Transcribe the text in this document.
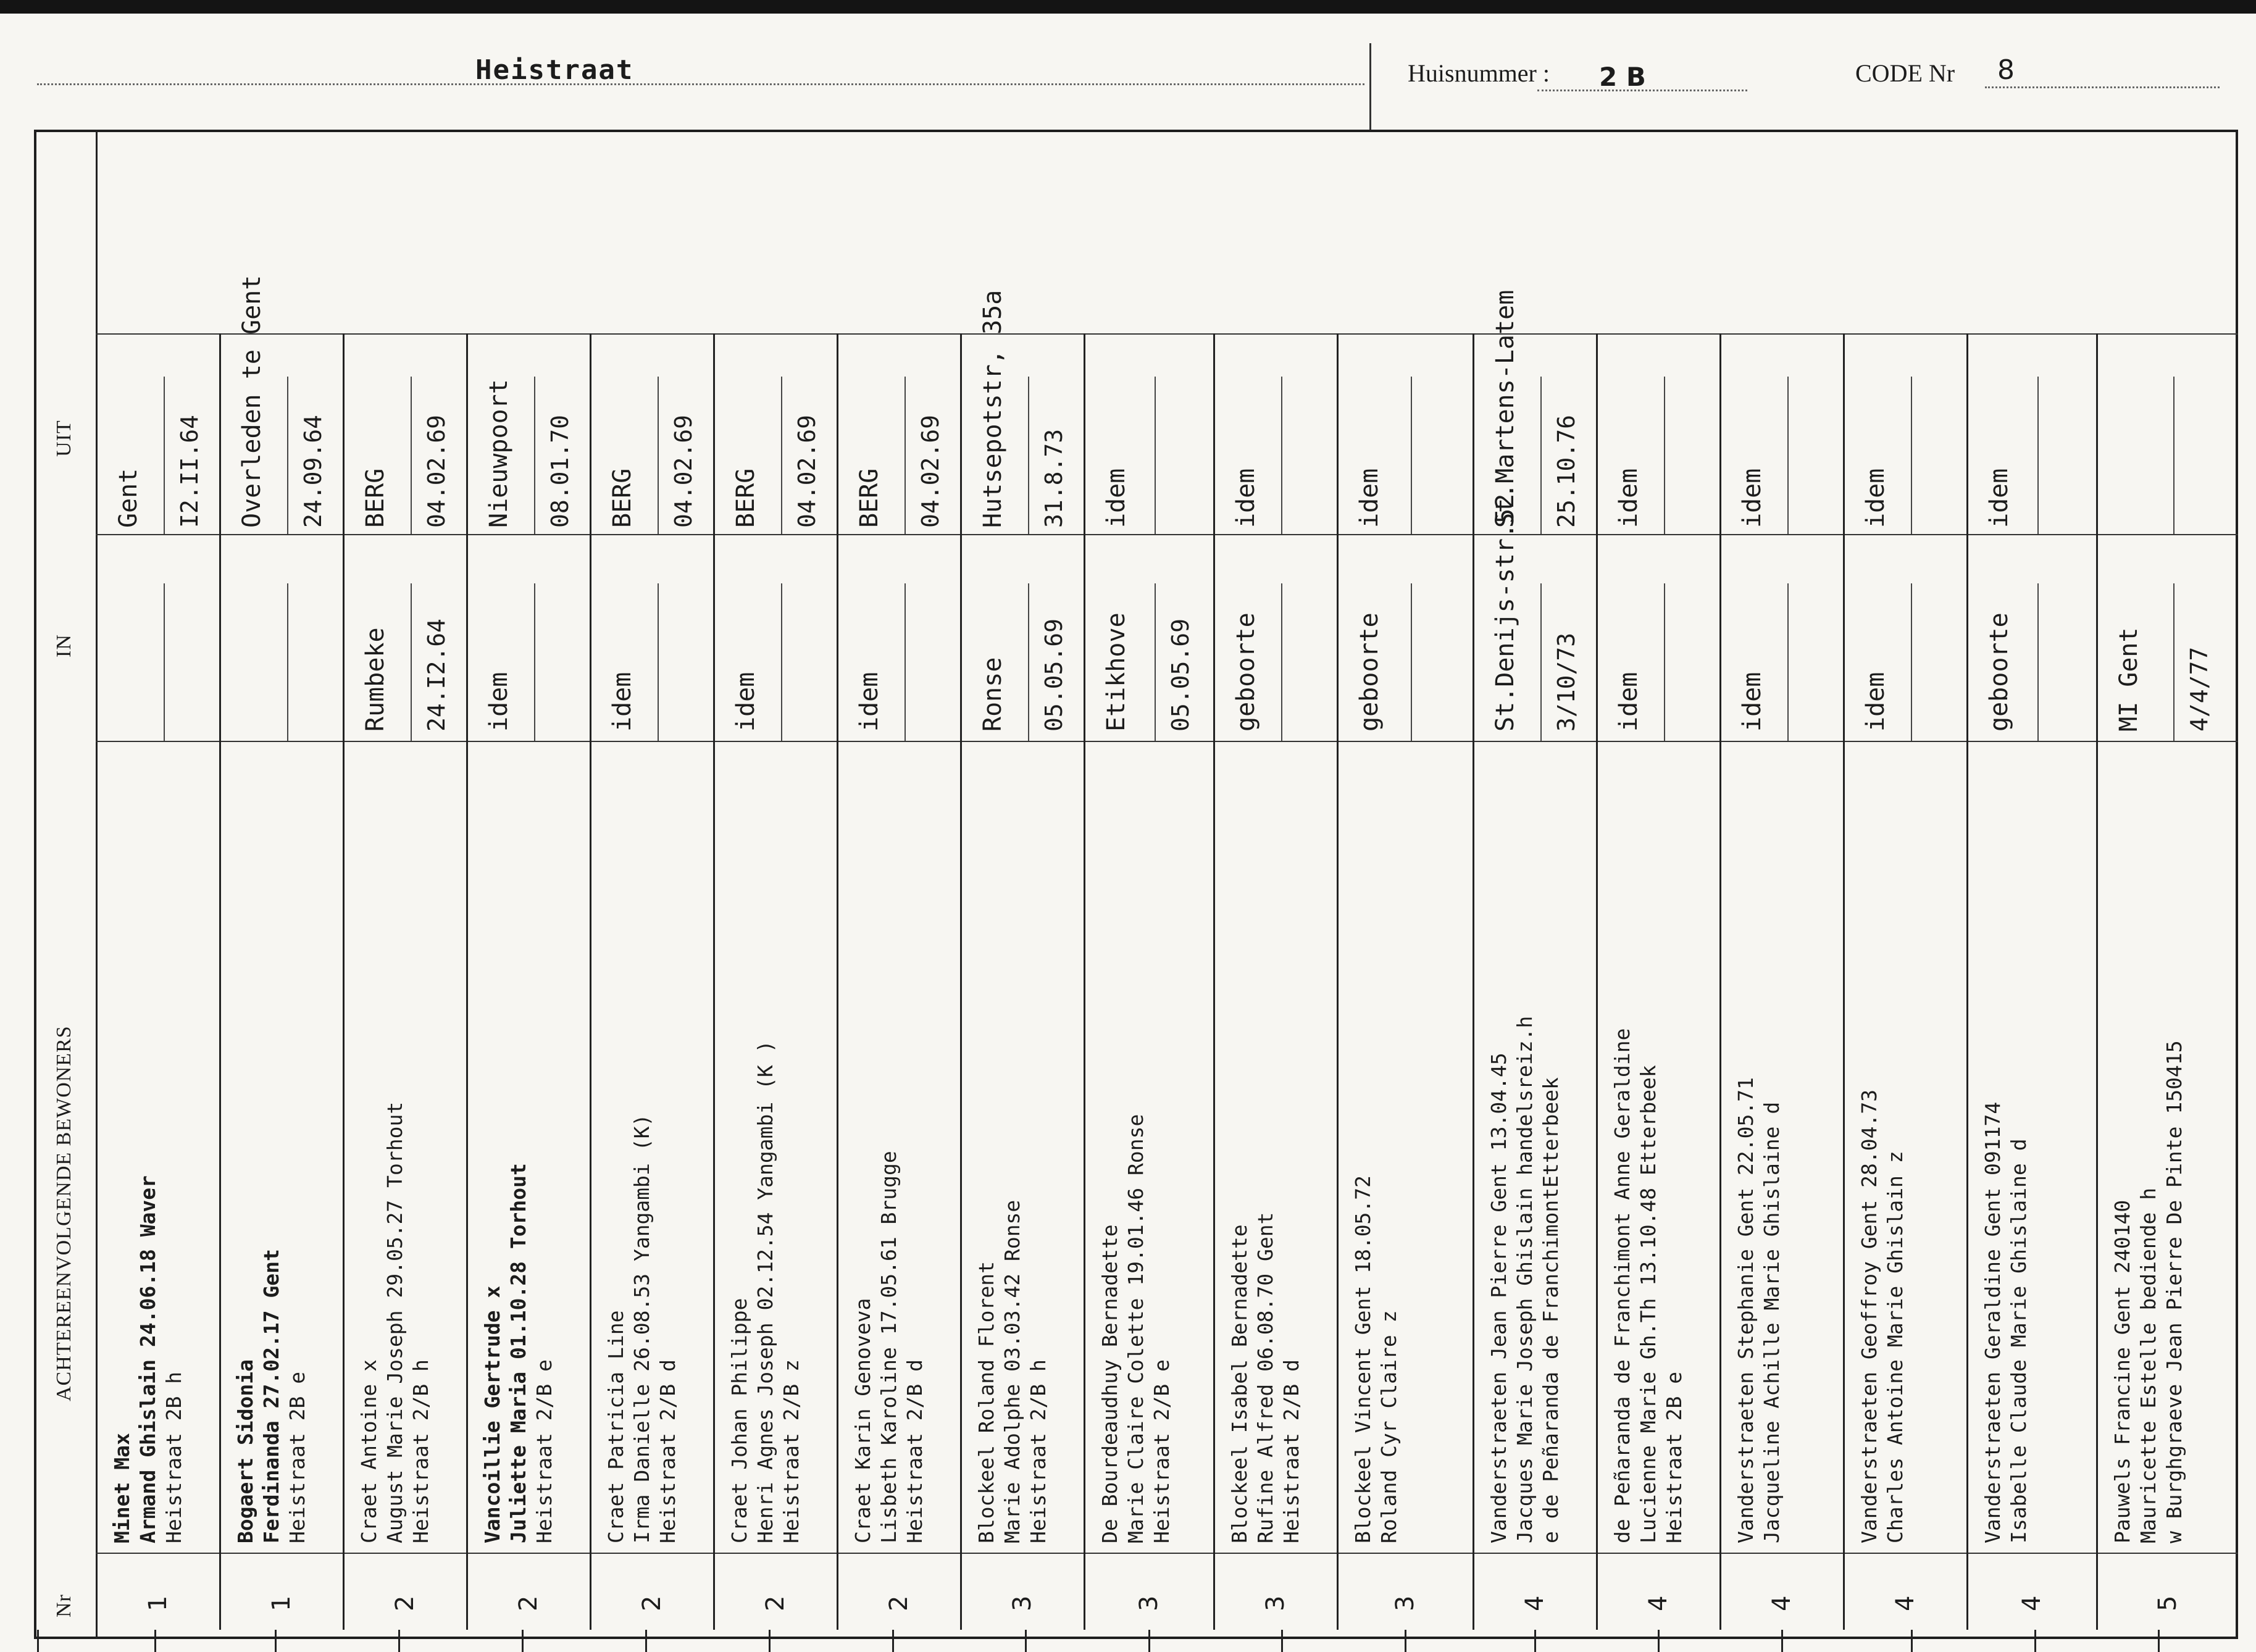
Heistraat	Huisnummer : 2 B	CODE Nr 8
1
Minet Max Armand Ghislain 24.06.18 Waver Heistraat 2B h
Gent I2.II.64
1
Bogaert Sidonia Ferdinanda 27.02.17 Gent Heistraat 2B e
Overleden te Gent 24.09.64
2
Craet Antoine x August Marie Joseph 29.05.27 Torhout Heistraat 2/B h
Rumbeke 24.I2.64
BERG 04.02.69
2
Vancoillie Gertrude x Juliette Maria 01.10.28 Torhout Heistraat 2/B e
idem
Nieuwpoort 08.01.70
2
Craet Patricia Line Irma Danielle 26.08.53 Yangambi (K) Heistraat 2/B d
idem
BERG 04.02.69
2
Craet Johan Philippe Henri Agnes Joseph 02.12.54 Yangambi (K ) Heistraat 2/B z
idem
BERG 04.02.69
2
Craet Karin Genoveva Lisbeth Karoline 17.05.61 Brugge Heistraat 2/B d
idem
BERG 04.02.69
3
Blockeel Roland Florent Marie Adolphe 03.03.42 Ronse Heistraat 2/B h
Ronse 05.05.69
Hutsepotstr, 35a 31.8.73
3
De Bourdeaudhuy Bernadette Marie Claire Colette 19.01.46 Ronse Heistraat 2/B e
Etikhove 05.05.69
idem
3
Blockeel Isabel Bernadette Rufine Alfred 06.08.70 Gent Heistraat 2/B d
geboorte
idem
3
Blockeel Vincent Gent 18.05.72 Roland Cyr Claire z
geboorte
idem
4
Vanderstraeten Jean Pierre Gent 13.04.45 Jacques Marie Joseph Ghislain handelsreiz.h e de Peñaranda de FranchimontEtterbeek
St.Denijs-str.52 3/10/73
St.Martens-Latem 25.10.76
4
de Peñaranda de Franchimont Anne Geraldine Lucienne Marie Gh.Th 13.10.48 Etterbeek Heistraat 2B e
idem
idem
4
Vanderstraeten Stephanie Gent 22.05.71 Jacqueline Achille Marie Ghislaine d
idem
idem
4
Vanderstraeten Geoffroy Gent 28.04.73 Charles Antoine Marie Ghislain z
idem
idem
4
Vanderstraeten Geraldine Gent 091174 Isabelle Claude Marie Ghislaine d
geboorte
idem
5
Pauwels Francine Gent 240140 Mauricette Estelle bediende h w Burghgraeve Jean Pierre De Pinte 150415
MI Gent 4/4/77
Nr
ACHTEREENVOLGENDE BEWONERS
IN
UIT
